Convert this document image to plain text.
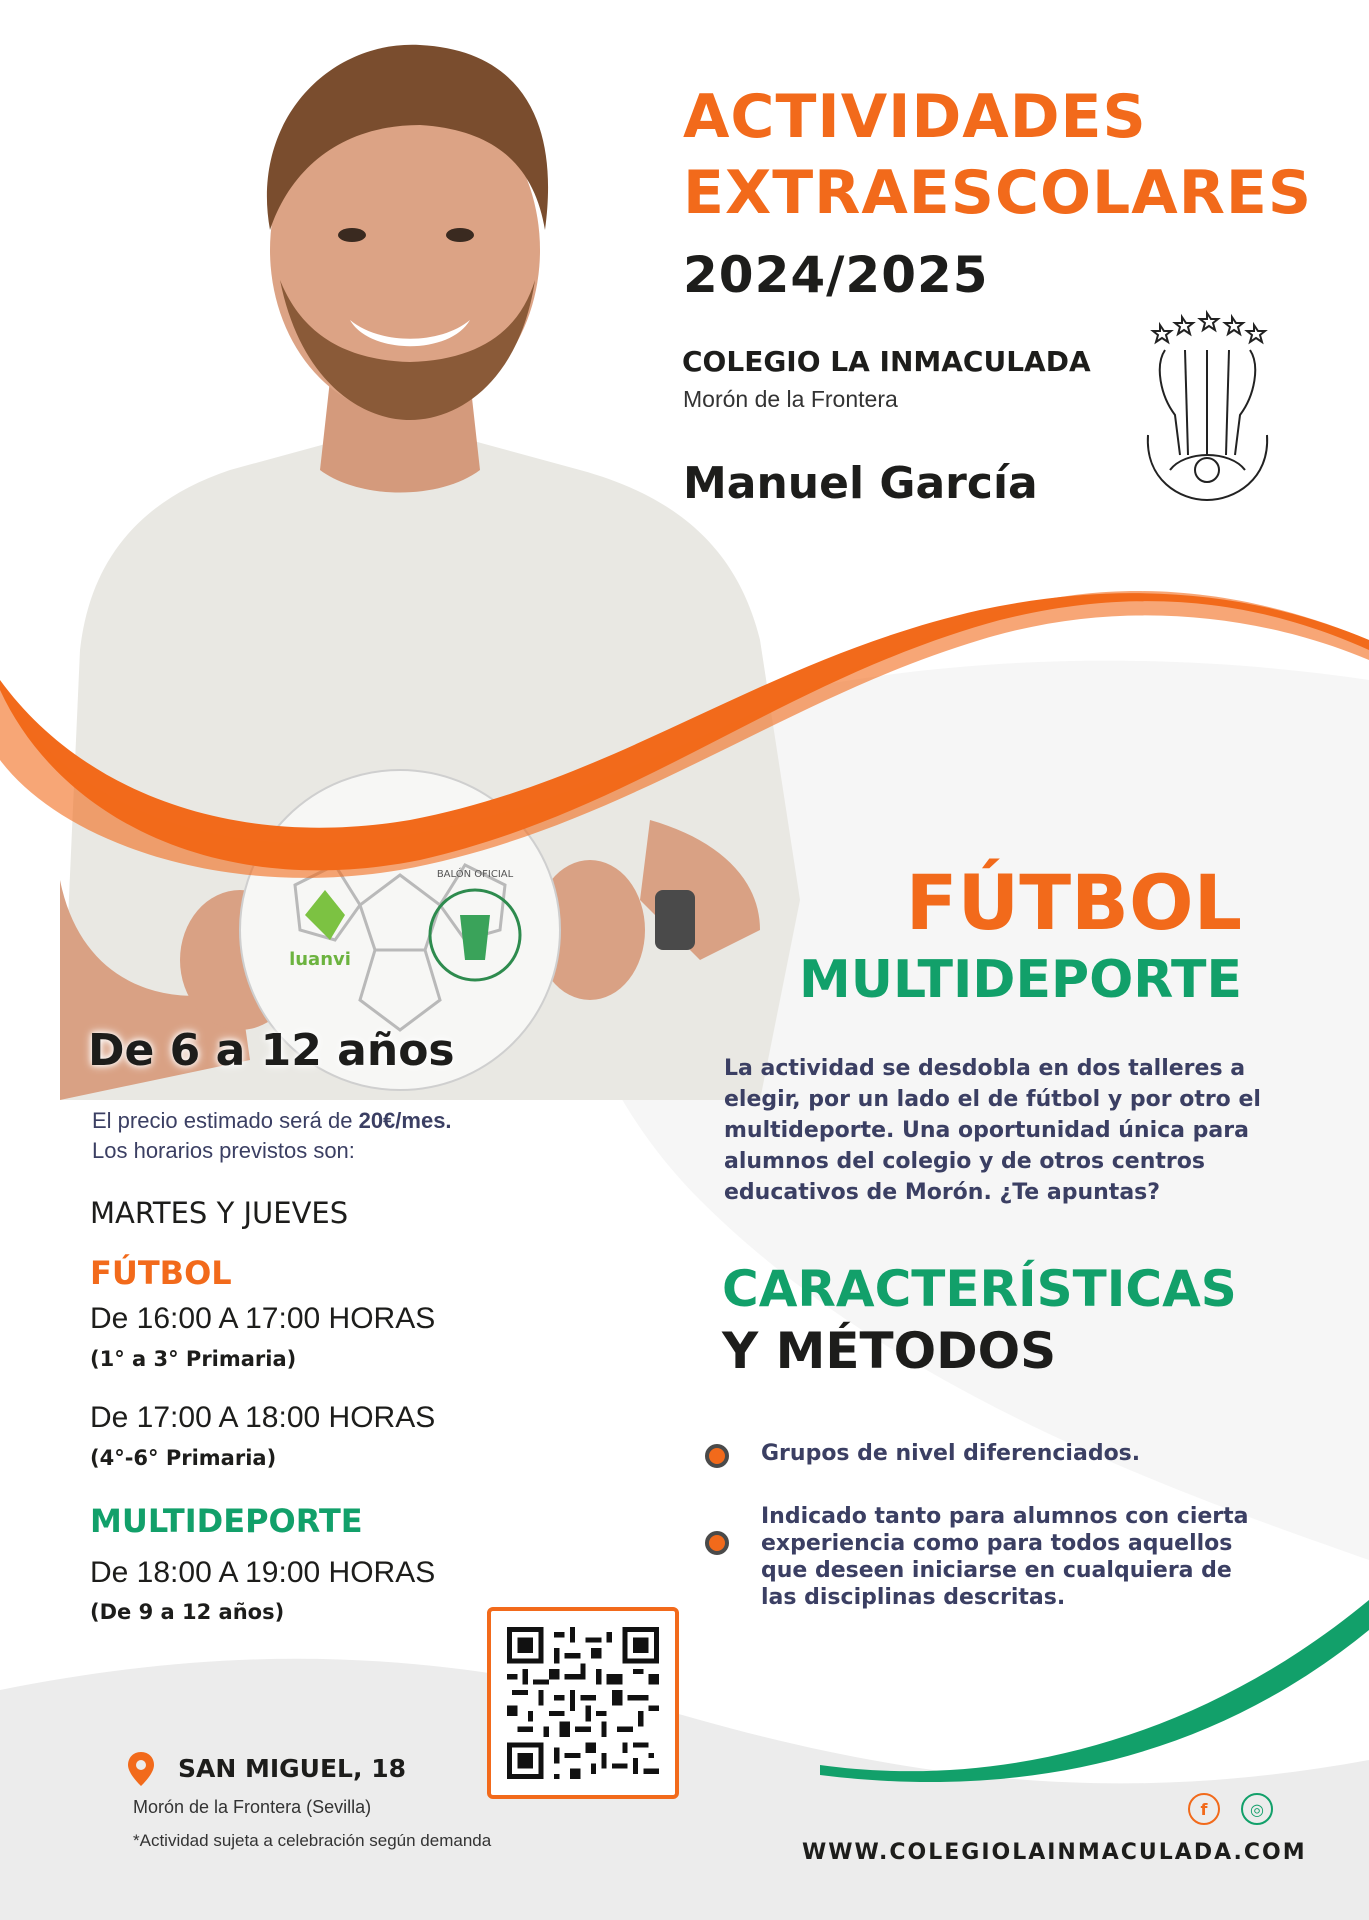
luanvi
BALÓN OFICIAL
ACTIVIDADES
EXTRAESCOLARES
2024/2025
COLEGIO LA INMACULADA
Morón de la Frontera
Manuel García
FÚTBOL
MULTIDEPORTE
La actividad se desdobla en dos talleres a elegir, por un lado el de fútbol y por otro el multideporte. Una oportunidad única para alumnos del colegio y de otros centros educativos de Morón. ¿Te apuntas?
CARACTERÍSTICAS
Y MÉTODOS
Grupos de nivel diferenciados.
Indicado tanto para alumnos con cierta experiencia como para todos aquellos que deseen iniciarse en cualquiera de las disciplinas descritas.
De 6 a 12 años
El precio estimado será de 20€/mes.
Los horarios previstos son:
MARTES Y JUEVES
FÚTBOL
De 16:00 A 17:00 HORAS
(1° a 3° Primaria)
De 17:00 A 18:00 HORAS
(4°-6° Primaria)
MULTIDEPORTE
De 18:00 A 19:00 HORAS
(De 9 a 12 años)
SAN MIGUEL, 18
Morón de la Frontera (Sevilla)
*Actividad sujeta a celebración según demanda
f	◎
WWW.COLEGIOLAINMACULADA.COM
